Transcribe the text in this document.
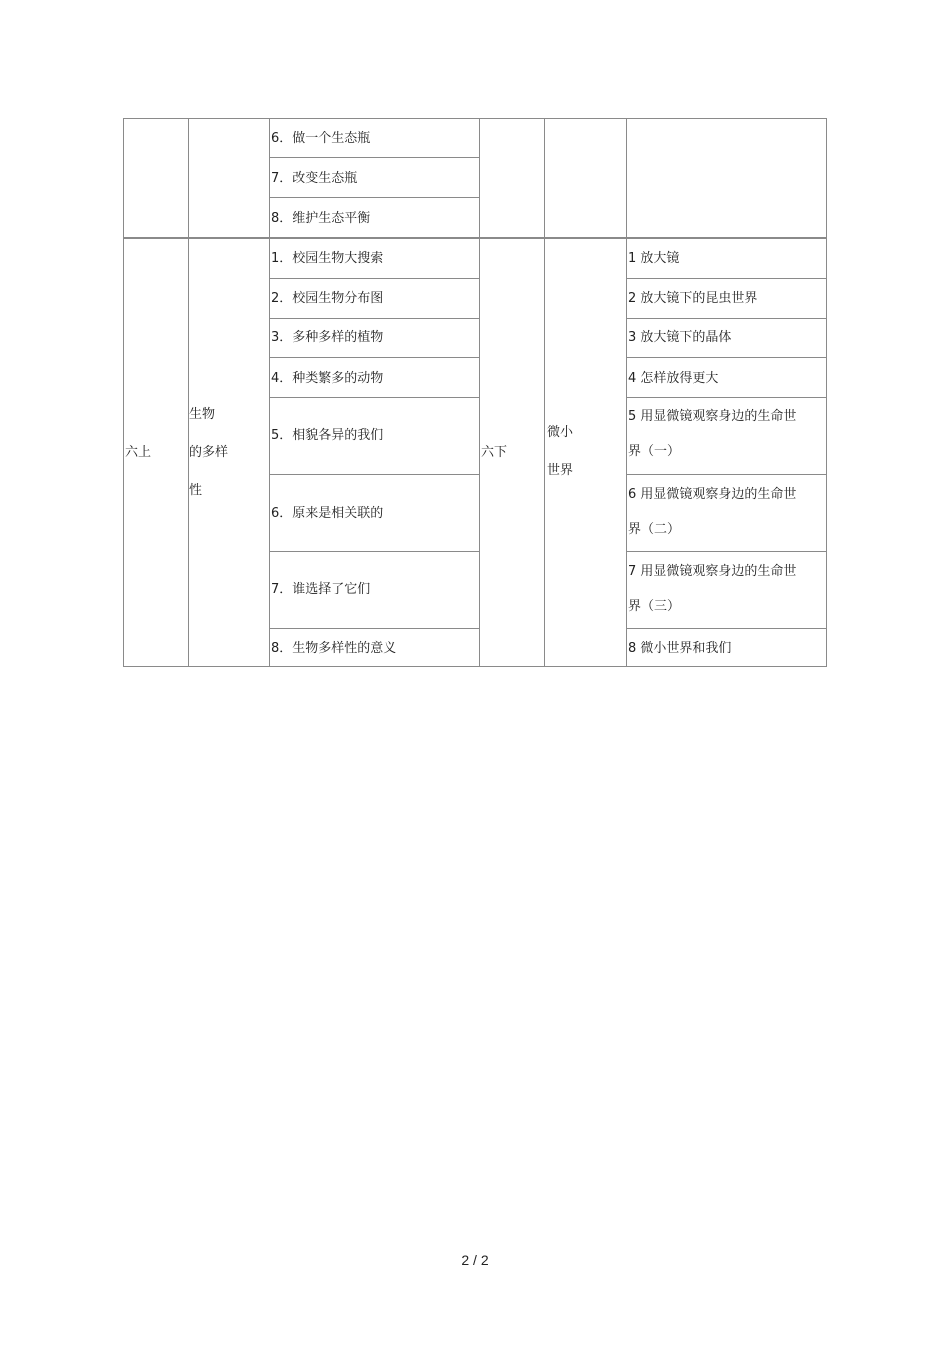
6．做一个生态瓶
7．改变生态瓶
8．维护生态平衡
六上
生物
的多样
性
1．校园生物大搜索
2．校园生物分布图
3．多种多样的植物
4．种类繁多的动物
5．相貌各异的我们
6．原来是相关联的
7．谁选择了它们
8．生物多样性的意义
六下
微小
世界
1 放大镜
2 放大镜下的昆虫世界
3 放大镜下的晶体
4 怎样放得更大
5 用显微镜观察身边的生命世
界（一）
6 用显微镜观察身边的生命世
界（二）
7 用显微镜观察身边的生命世
界（三）
8 微小世界和我们
2 / 2
